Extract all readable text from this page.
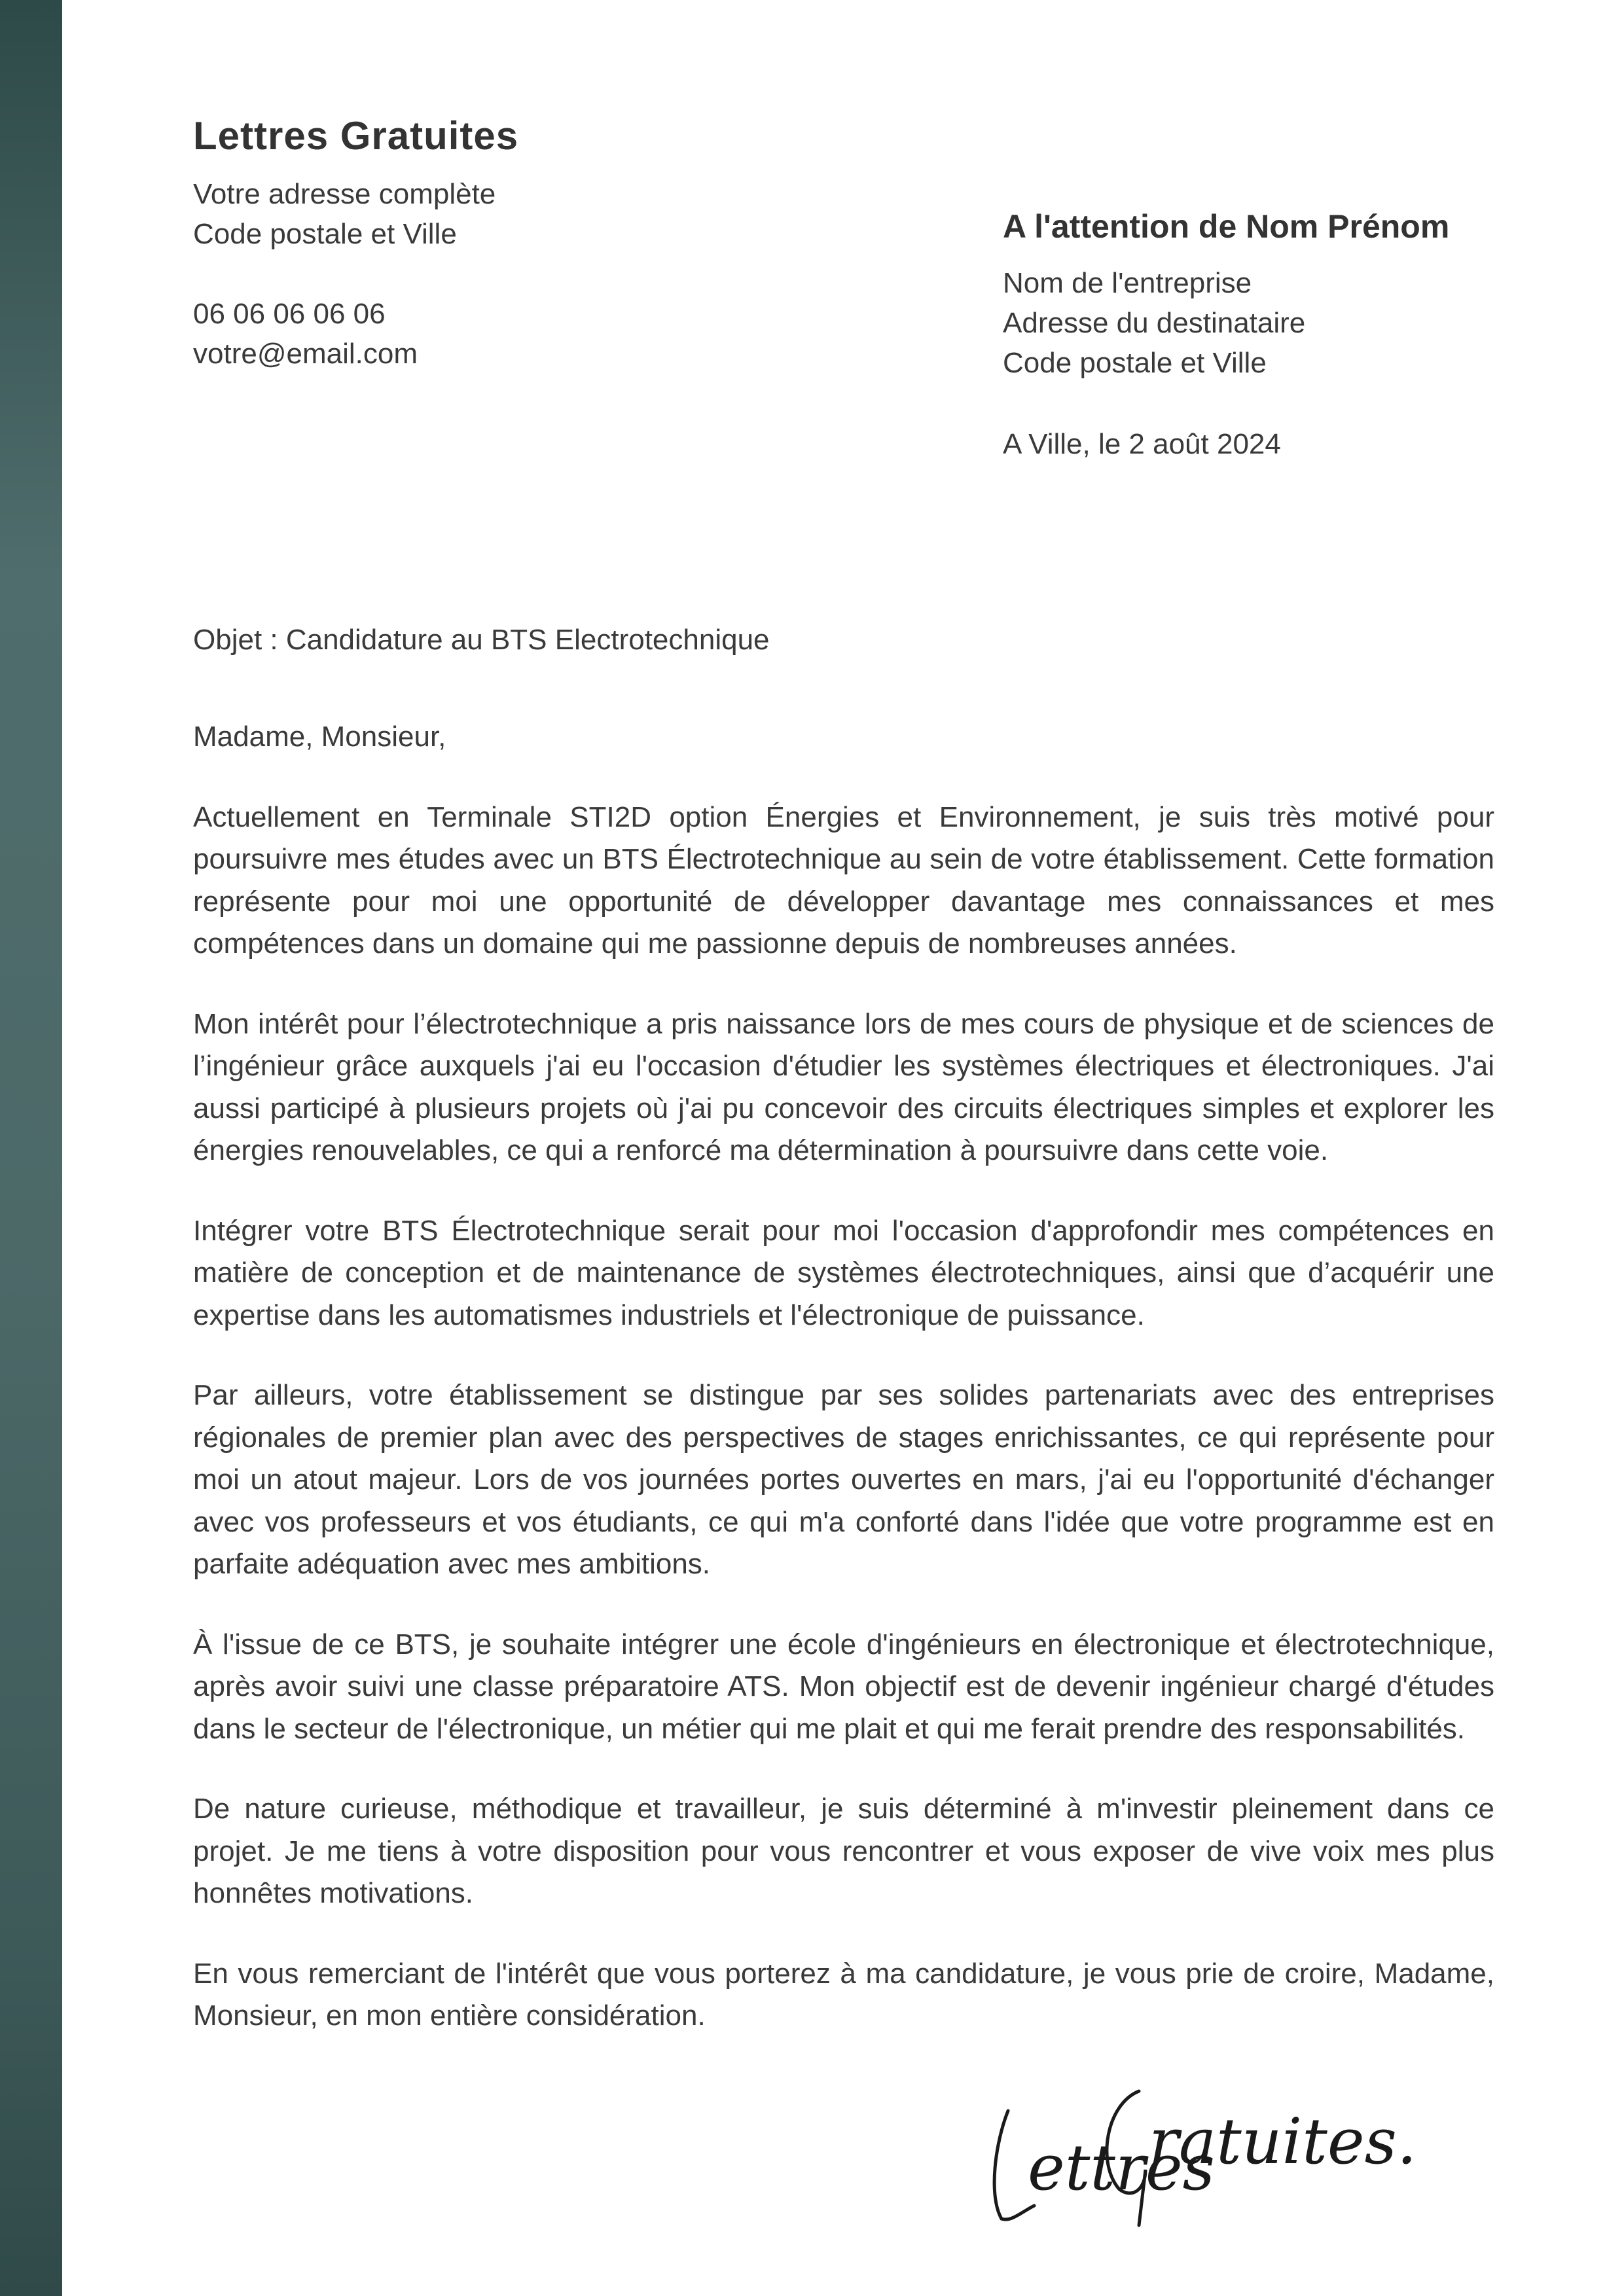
Lettres Gratuites
Votre adresse complète
Code postale et Ville
06 06 06 06 06
votre@email.com
A l'attention de Nom Prénom
Nom de l'entreprise
Adresse du destinataire
Code postale et Ville
A Ville, le 2 août 2024
Objet : Candidature au BTS Electrotechnique

Madame, Monsieur,

Actuellement en Terminale STI2D option Énergies et Environnement, je suis très motivé pour poursuivre mes études avec un BTS Électrotechnique au sein de votre établissement. Cette formation représente pour moi une opportunité de développer davantage mes connaissances et mes compétences dans un domaine qui me passionne depuis de nombreuses années.

Mon intérêt pour l’électrotechnique a pris naissance lors de mes cours de physique et de sciences de l’ingénieur grâce auxquels j'ai eu l'occasion d'étudier les systèmes électriques et électroniques. J'ai aussi participé à plusieurs projets où j'ai pu concevoir des circuits électriques simples et explorer les énergies renouvelables, ce qui a renforcé ma détermination à poursuivre dans cette voie.

Intégrer votre BTS Électrotechnique serait pour moi l'occasion d'approfondir mes compétences en matière de conception et de maintenance de systèmes électrotechniques, ainsi que d’acquérir une expertise dans les automatismes industriels et l'électronique de puissance.

Par ailleurs, votre établissement se distingue par ses solides partenariats avec des entreprises régionales de premier plan avec des perspectives de stages enrichissantes, ce qui représente pour moi un atout majeur. Lors de vos journées portes ouvertes en mars, j'ai eu l'opportunité d'échanger avec vos professeurs et vos étudiants, ce qui m'a conforté dans l'idée que votre programme est en parfaite adéquation avec mes ambitions.

À l'issue de ce BTS, je souhaite intégrer une école d'ingénieurs en électronique et électrotechnique, après avoir suivi une classe préparatoire ATS. Mon objectif est de devenir ingénieur chargé d'études dans le secteur de l'électronique, un métier qui me plait et qui me ferait prendre des responsabilités.

De nature curieuse, méthodique et travailleur, je suis déterminé à m'investir pleinement dans ce projet. Je me tiens à votre disposition pour vous rencontrer et vous exposer de vive voix mes plus honnêtes motivations.

En vous remerciant de l'intérêt que vous porterez à ma candidature, je vous prie de croire, Madame, Monsieur, en mon entière considération.

ettres
ratuites.
